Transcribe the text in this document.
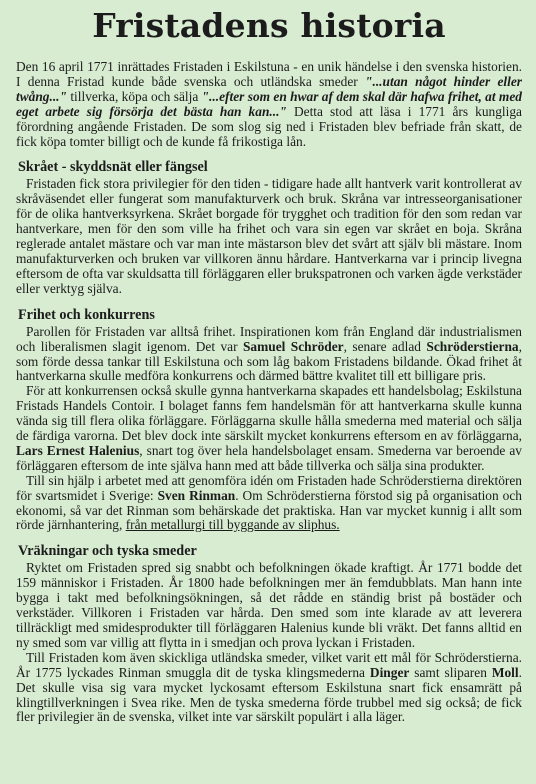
Fristadens historia

Den 16 april 1771 inrättades Fristaden i Eskilstuna - en unik händelse i den svenska historien. I denna Fristad kunde både svenska och utländska smeder "...utan något hinder eller twång..." tillverka, köpa och sälja "...efter som en hwar af dem skal där hafwa frihet, at med eget arbete sig försörja det bästa han kan..." Detta stod att läsa i 1771 års kungliga förordning angående Fristaden. De som slog sig ned i Fristaden blev befriade från skatt, de fick köpa tomter billigt och de kunde få frikostiga lån.

Skrået - skyddsnät eller fängsel

Fristaden fick stora privilegier för den tiden - tidigare hade allt hantverk varit kontrollerat av skråväsendet eller fungerat som manufakturverk och bruk. Skråna var intresseorganisationer för de olika hantverksyrkena. Skrået borgade för trygghet och tradition för den som redan var hantverkare, men för den som ville ha frihet och vara sin egen var skrået en boja. Skråna reglerade antalet mästare och var man inte mästarson blev det svårt att själv bli mästare. Inom manufakturverken och bruken var villkoren ännu hårdare. Hantverkarna var i princip livegna eftersom de ofta var skuldsatta till förläggaren eller brukspatronen och varken ägde verkstäder eller verktyg själva.

Frihet och konkurrens

Parollen för Fristaden var alltså frihet. Inspirationen kom från England där industrialismen och liberalismen slagit igenom. Det var Samuel Schröder, senare adlad Schröderstierna, som förde dessa tankar till Eskilstuna och som låg bakom Fristadens bildande. Ökad frihet åt hantverkarna skulle medföra konkurrens och därmed bättre kvalitet till ett billigare pris.

För att konkurrensen också skulle gynna hantverkarna skapades ett handelsbolag; Eskilstuna Fristads Handels Contoir. I bolaget fanns fem handelsmän för att hantverkarna skulle kunna vända sig till flera olika förläggare. Förläggarna skulle hålla smederna med material och sälja de färdiga varorna. Det blev dock inte särskilt mycket konkurrens eftersom en av förläggarna, Lars Ernest Halenius, snart tog över hela handelsbolaget ensam. Smederna var beroende av förläggaren eftersom de inte själva hann med att både tillverka och sälja sina produkter.

Till sin hjälp i arbetet med att genomföra idén om Fristaden hade Schröderstierna direktören för svartsmidet i Sverige: Sven Rinman. Om Schröderstierna förstod sig på organisation och ekonomi, så var det Rinman som behärskade det praktiska. Han var mycket kunnig i allt som rörde järnhantering, från metallurgi till byggande av sliphus.

Vräkningar och tyska smeder

Ryktet om Fristaden spred sig snabbt och befolkningen ökade kraftigt. År 1771 bodde det 159 människor i Fristaden. År 1800 hade befolkningen mer än femdubblats. Man hann inte bygga i takt med befolkningsökningen, så det rådde en ständig brist på bostäder och verkstäder. Villkoren i Fristaden var hårda. Den smed som inte klarade av att leverera tillräckligt med smidesprodukter till förläggaren Halenius kunde bli vräkt. Det fanns alltid en ny smed som var villig att flytta in i smedjan och prova lyckan i Fristaden.

Till Fristaden kom även skickliga utländska smeder, vilket varit ett mål för Schröderstierna. År 1775 lyckades Rinman smuggla dit de tyska klingsmederna Dinger samt sliparen Moll. Det skulle visa sig vara mycket lyckosamt eftersom Eskilstuna snart fick ensamrätt på klingtillverkningen i Svea rike. Men de tyska smederna förde trubbel med sig också; de fick fler privilegier än de svenska, vilket inte var särskilt populärt i alla läger.
